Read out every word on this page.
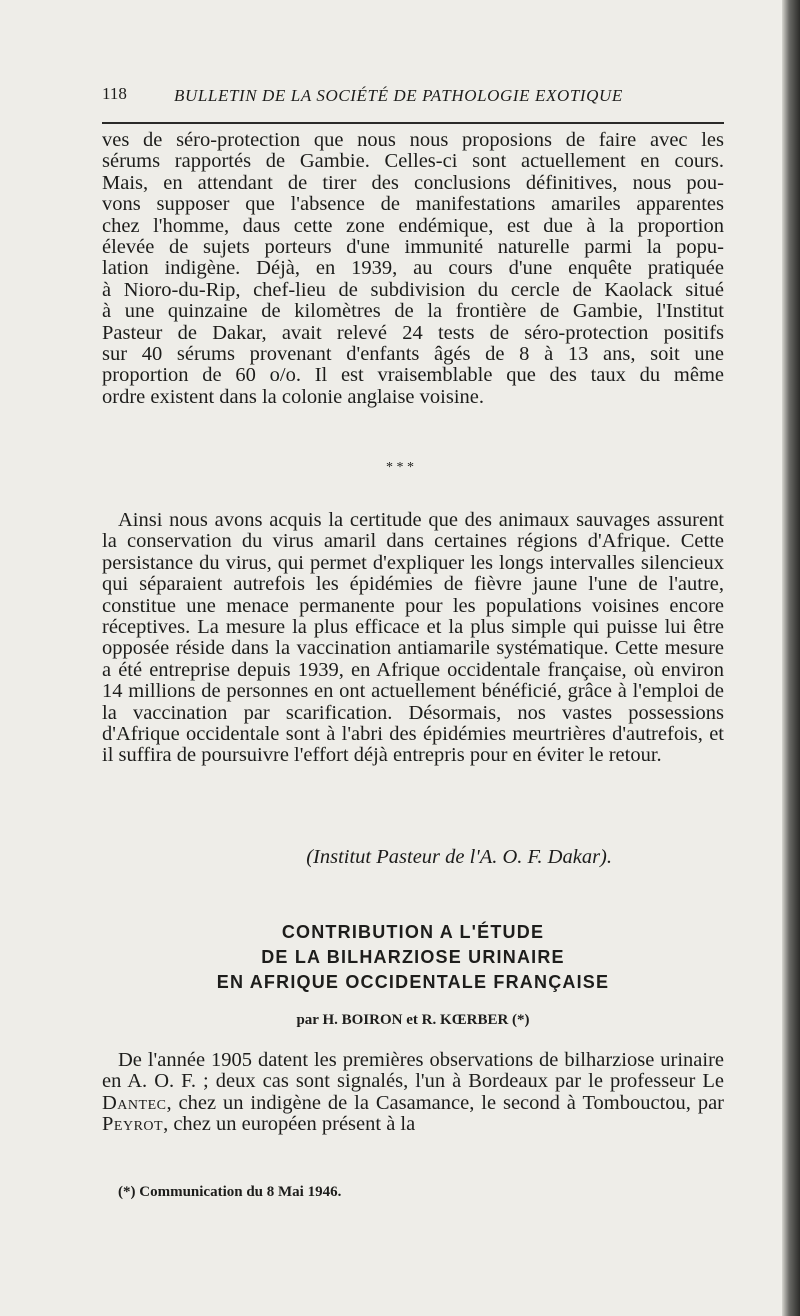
118	BULLETIN DE LA SOCIÉTÉ DE PATHOLOGIE EXOTIQUE

ves de séro-protection que nous nous proposions de faire avec les
sérums rapportés de Gambie. Celles-ci sont actuellement en cours.
Mais, en attendant de tirer des conclusions définitives, nous pou-
vons supposer que l'absence de manifestations amariles apparentes
chez l'homme, daus cette zone endémique, est due à la proportion
élevée de sujets porteurs d'une immunité naturelle parmi la popu-
lation indigène. Déjà, en 1939, au cours d'une enquête pratiquée
à Nioro-du-Rip, chef-lieu de subdivision du cercle de Kaolack situé
à une quinzaine de kilomètres de la frontière de Gambie, l'Institut
Pasteur de Dakar, avait relevé 24 tests de séro-protection positifs
sur 40 sérums provenant d'enfants âgés de 8 à 13 ans, soit une
proportion de 60 o/o. Il est vraisemblable que des taux du même
ordre existent dans la colonie anglaise voisine.

* * *

Ainsi nous avons acquis la certitude que des animaux sauvages assurent la conservation du virus amaril dans certaines régions d'Afrique. Cette persistance du virus, qui permet d'expliquer les longs intervalles silencieux qui séparaient autrefois les épidémies de fièvre jaune l'une de l'autre, constitue une menace permanente pour les populations voisines encore réceptives. La mesure la plus efficace et la plus simple qui puisse lui être opposée réside dans la vaccination antiamarile systématique. Cette mesure a été entreprise depuis 1939, en Afrique occidentale française, où environ 14 millions de personnes en ont actuellement bénéficié, grâce à l'emploi de la vaccination par scarification. Désormais, nos vastes possessions d'Afrique occidentale sont à l'abri des épidémies meurtrières d'autrefois, et il suffira de poursuivre l'effort déjà entrepris pour en éviter le retour.

(Institut Pasteur de l'A. O. F. Dakar).
CONTRIBUTION A L'ÉTUDE
DE LA BILHARZIOSE URINAIRE
EN AFRIQUE OCCIDENTALE FRANÇAISE
par H. BOIRON et R. KŒRBER (*)

De l'année 1905 datent les premières observations de bilharziose urinaire en A. O. F. ; deux cas sont signalés, l'un à Bordeaux par le professeur Le Dantec, chez un indigène de la Casamance, le second à Tombouctou, par Peyrot, chez un européen présent à la

(*) Communication du 8 Mai 1946.
